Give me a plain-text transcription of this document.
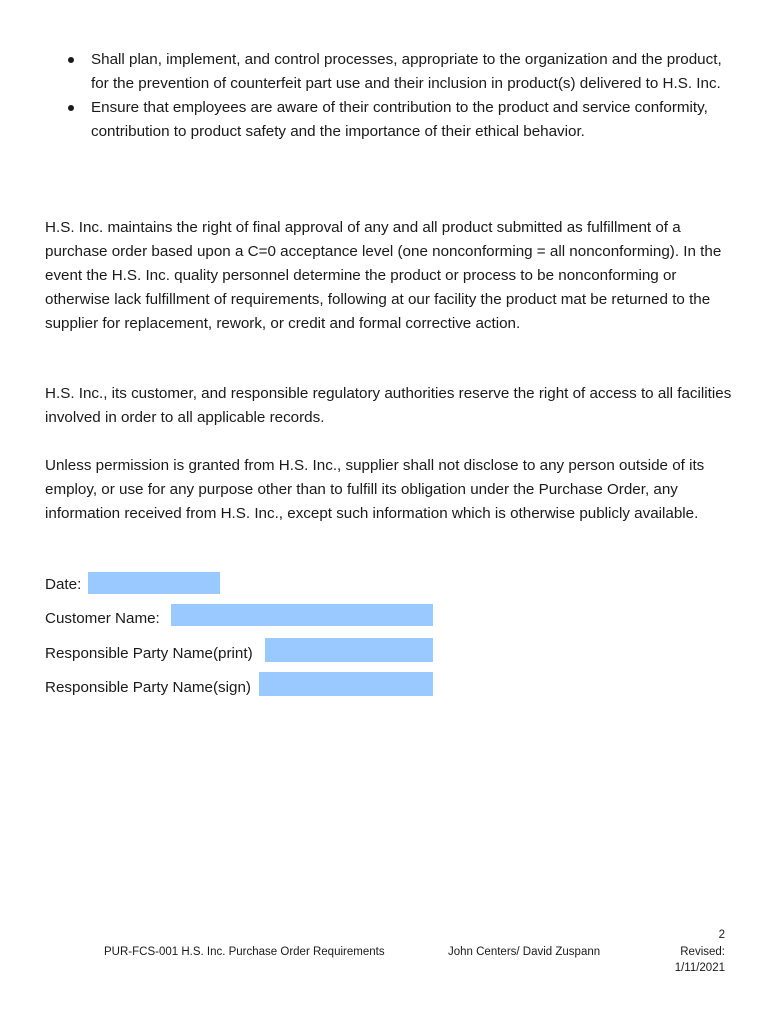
Shall plan, implement, and control processes, appropriate to the organization and the product, for the prevention of counterfeit part use and their inclusion in product(s) delivered to H.S. Inc.
Ensure that employees are aware of their contribution to the product and service conformity, contribution to product safety and the importance of their ethical behavior.

H.S. Inc. maintains the right of final approval of any and all product submitted as fulfillment of a purchase order based upon a C=0 acceptance level (one nonconforming = all nonconforming). In the event the H.S. Inc. quality personnel determine the product or process to be nonconforming or otherwise lack fulfillment of requirements, following at our facility the product mat be returned to the supplier for replacement, rework, or credit and formal corrective action.

H.S. Inc., its customer, and responsible regulatory authorities reserve the right of access to all facilities involved in order to all applicable records.

Unless permission is granted from H.S. Inc., supplier shall not disclose to any person outside of its employ, or use for any purpose other than to fulfill its obligation under the Purchase Order, any information received from H.S. Inc., except such information which is otherwise publicly available.

Date:
Customer Name:
Responsible Party Name(print)
Responsible Party Name(sign)
PUR-FCS-001 H.S. Inc. Purchase Order Requirements	John Centers/ David Zuspann
2
Revised:
1/11/2021
